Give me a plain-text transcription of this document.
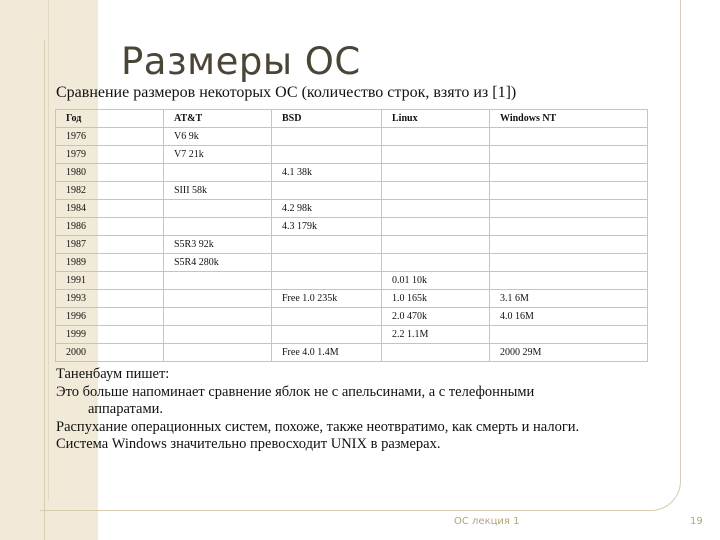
Размеры ОС
Сравнение размеров некоторых ОС (количество строк, взято из [1])
Год	AT&T	BSD	Linux	Windows NT
1976	V6 9k			
1979	V7 21k			
1980		4.1 38k		
1982	SIII 58k			
1984		4.2 98k		
1986		4.3 179k		
1987	S5R3 92k			
1989	S5R4 280k			
1991			0.01 10k	
1993		Free 1.0 235k	1.0 165k	3.1 6M
1996			2.0 470k	4.0 16M
1999			2.2 1.1M	
2000		Free 4.0 1.4M		2000 29M

Таненбаум пишет:

Это больше напоминает сравнение яблок не с апельсинами, а с телефонными

аппаратами.

Распухание операционных систем, похоже, также неотвратимо, как смерть и налоги.

Система Windows значительно превосходит UNIX в размерах.

ОС лекция 1	19
